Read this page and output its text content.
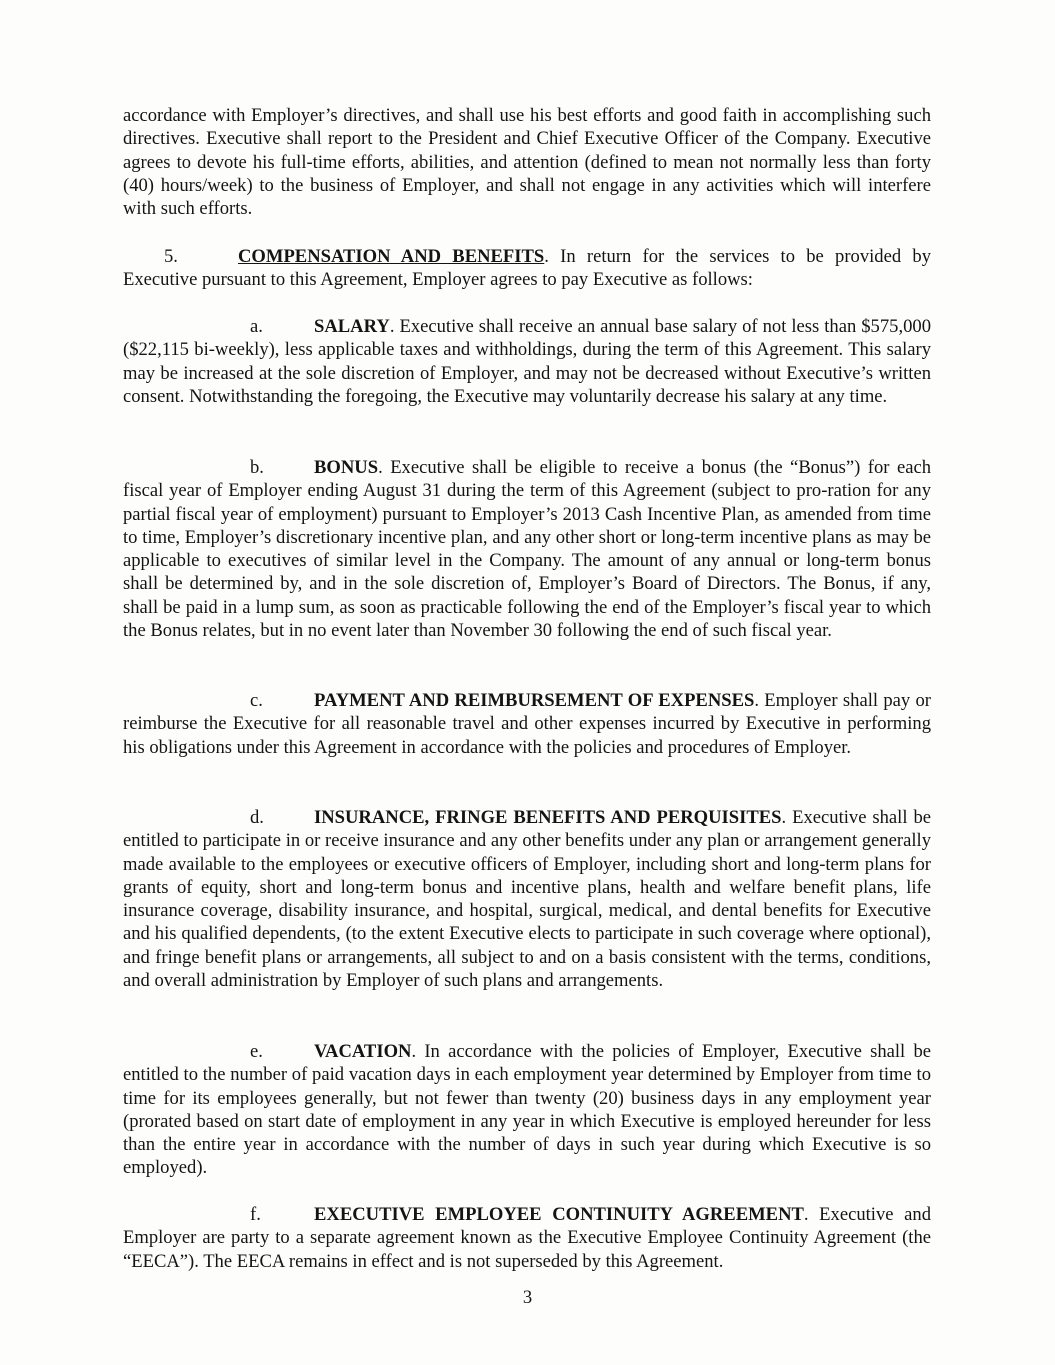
accordance with Employer’s directives, and shall use his best efforts and good faith in accomplishing such directives. Executive shall report to the President and Chief Executive Officer of the Company. Executive agrees to devote his full-time efforts, abilities, and attention (defined to mean not normally less than forty (40) hours/week) to the business of Employer, and shall not engage in any activities which will interfere with such efforts.

5.	COMPENSATION AND BENEFITS. In return for the services to be provided by Executive pursuant to this Agreement, Employer agrees to pay Executive as follows:

a.	SALARY. Executive shall receive an annual base salary of not less than $575,000 ($22,115 bi-weekly), less applicable taxes and withholdings, during the term of this Agreement. This salary may be increased at the sole discretion of Employer, and may not be decreased without Executive’s written consent. Notwithstanding the foregoing, the Executive may voluntarily decrease his salary at any time.

b.	BONUS. Executive shall be eligible to receive a bonus (the “Bonus”) for each fiscal year of Employer ending August 31 during the term of this Agreement (subject to pro-ration for any partial fiscal year of employment) pursuant to Employer’s 2013 Cash Incentive Plan, as amended from time to time, Employer’s discretionary incentive plan, and any other short or long-term incentive plans as may be applicable to executives of similar level in the Company. The amount of any annual or long-term bonus shall be determined by, and in the sole discretion of, Employer’s Board of Directors. The Bonus, if any, shall be paid in a lump sum, as soon as practicable following the end of the Employer’s fiscal year to which the Bonus relates, but in no event later than November 30 following the end of such fiscal year.

c.	PAYMENT AND REIMBURSEMENT OF EXPENSES. Employer shall pay or reimburse the Executive for all reasonable travel and other expenses incurred by Executive in performing his obligations under this Agreement in accordance with the policies and procedures of Employer.

d.	INSURANCE, FRINGE BENEFITS AND PERQUISITES. Executive shall be entitled to participate in or receive insurance and any other benefits under any plan or arrangement generally made available to the employees or executive officers of Employer, including short and long-term plans for grants of equity, short and long-term bonus and incentive plans, health and welfare benefit plans, life insurance coverage, disability insurance, and hospital, surgical, medical, and dental benefits for Executive and his qualified dependents, (to the extent Executive elects to participate in such coverage where optional), and fringe benefit plans or arrangements, all subject to and on a basis consistent with the terms, conditions, and overall administration by Employer of such plans and arrangements.

e.	VACATION. In accordance with the policies of Employer, Executive shall be entitled to the number of paid vacation days in each employment year determined by Employer from time to time for its employees generally, but not fewer than twenty (20) business days in any employment year (prorated based on start date of employment in any year in which Executive is employed hereunder for less than the entire year in accordance with the number of days in such year during which Executive is so employed).

f.	EXECUTIVE EMPLOYEE CONTINUITY AGREEMENT. Executive and Employer are party to a separate agreement known as the Executive Employee Continuity Agreement (the “EECA”). The EECA remains in effect and is not superseded by this Agreement.

3
